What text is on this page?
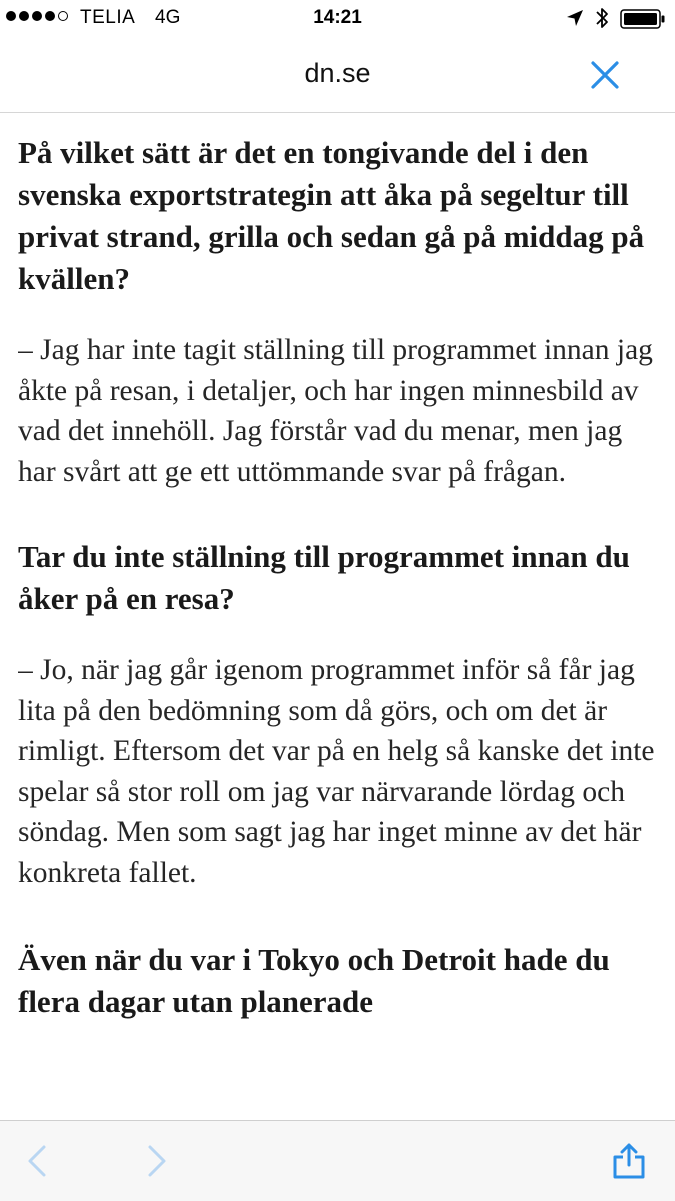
TELIA 4G	14:21
dn.se

På vilket sätt är det en tongivande del i den svenska exportstrategin att åka på segeltur till privat strand, grilla och sedan gå på middag på kvällen?

– Jag har inte tagit ställning till programmet innan jag åkte på resan, i detaljer, och har ingen minnesbild av vad det innehöll. Jag förstår vad du menar, men jag har svårt att ge ett uttömmande svar på frågan.

Tar du inte ställning till programmet innan du åker på en resa?

– Jo, när jag går igenom programmet inför så får jag lita på den bedömning som då görs, och om det är rimligt. Eftersom det var på en helg så kanske det inte spelar så stor roll om jag var närvarande lördag och söndag. Men som sagt jag har inget minne av det här konkreta fallet.

Även när du var i Tokyo och Detroit hade du flera dagar utan planerade
